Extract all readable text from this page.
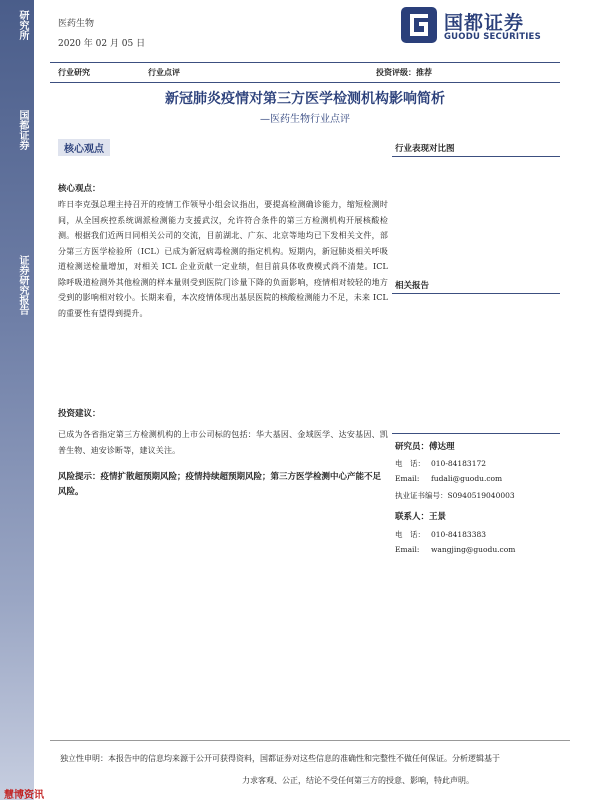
研究所
国都证券
证券研究报告
医药生物
2020 年 02 月 05 日
国都证券
GUODU SECURITIES
行业研究	行业点评	投资评级：推荐
新冠肺炎疫情对第三方医学检测机构影响简析
—医药生物行业点评
核心观点
核心观点：
昨日李克强总理主持召开的疫情工作领导小组会议指出，要提高检测确诊能力，缩短检测时间，从全国疾控系统调派检测能力支援武汉，允许符合条件的第三方检测机构开展核酸检测。根据我们近两日同相关公司的交流，目前湖北、广东、北京等地均已下发相关文件，部分第三方医学检验所（ICL）已成为新冠病毒检测的指定机构。短期内，新冠肺炎相关呼吸道检测送检量增加，对相关 ICL 企业贡献一定业绩，但目前具体收费模式尚不清楚。ICL 除呼吸道检测外其他检测的样本量则受到医院门诊量下降的负面影响，疫情相对较轻的地方受到的影响相对较小。长期来看，本次疫情体现出基层医院的核酸检测能力不足，未来 ICL 的重要性有望得到提升。
投资建议：
已成为各省指定第三方检测机构的上市公司标的包括：华大基因、金域医学、达安基因、凯普生物、迪安诊断等，建议关注。
风险提示：疫情扩散超预期风险；疫情持续超预期风险；第三方医学检测中心产能不足风险。
行业表现对比图
相关报告
研究员：傅达理
电　话： 010-84183172
Email: fudali@guodu.com
执业证书编号：S0940519040003
联系人：王景
电　话： 010-84183383
Email: wangjing@guodu.com
独立性申明：本报告中的信息均来源于公开可获得资料，国都证券对这些信息的准确性和完整性不做任何保证。分析逻辑基于
力求客观、公正，结论不受任何第三方的授意、影响，特此声明。
慧博资讯
